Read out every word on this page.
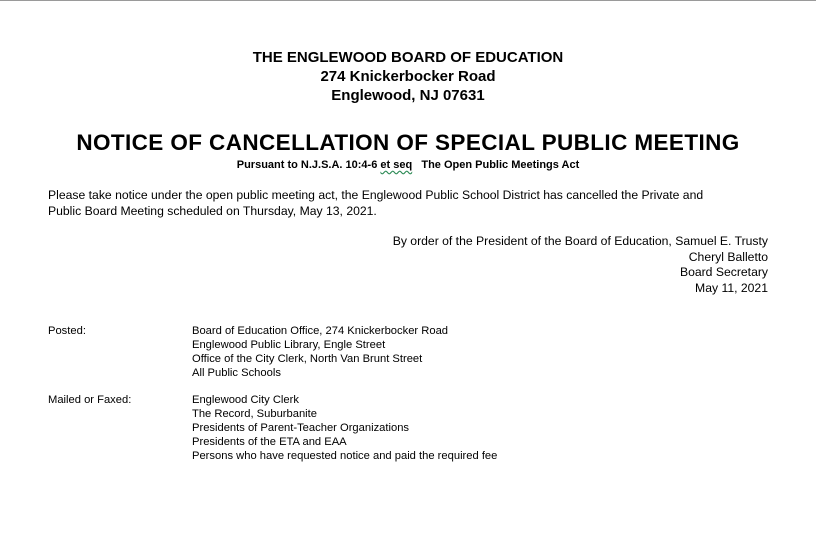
THE ENGLEWOOD BOARD OF EDUCATION
274 Knickerbocker Road
Englewood, NJ 07631
NOTICE OF CANCELLATION OF SPECIAL PUBLIC MEETING
Pursuant to N.J.S.A. 10:4-6 et seq The Open Public Meetings Act
Please take notice under the open public meeting act, the Englewood Public School District has cancelled the Private and
Public Board Meeting scheduled on Thursday, May 13, 2021.
By order of the President of the Board of Education, Samuel E. Trusty
Cheryl Balletto
Board Secretary
May 11, 2021
Posted:	Board of Education Office, 274 Knickerbocker Road
Englewood Public Library, Engle Street
Office of the City Clerk, North Van Brunt Street
All Public Schools
Mailed or Faxed:	Englewood City Clerk
The Record, Suburbanite
Presidents of Parent-Teacher Organizations
Presidents of the ETA and EAA
Persons who have requested notice and paid the required fee
